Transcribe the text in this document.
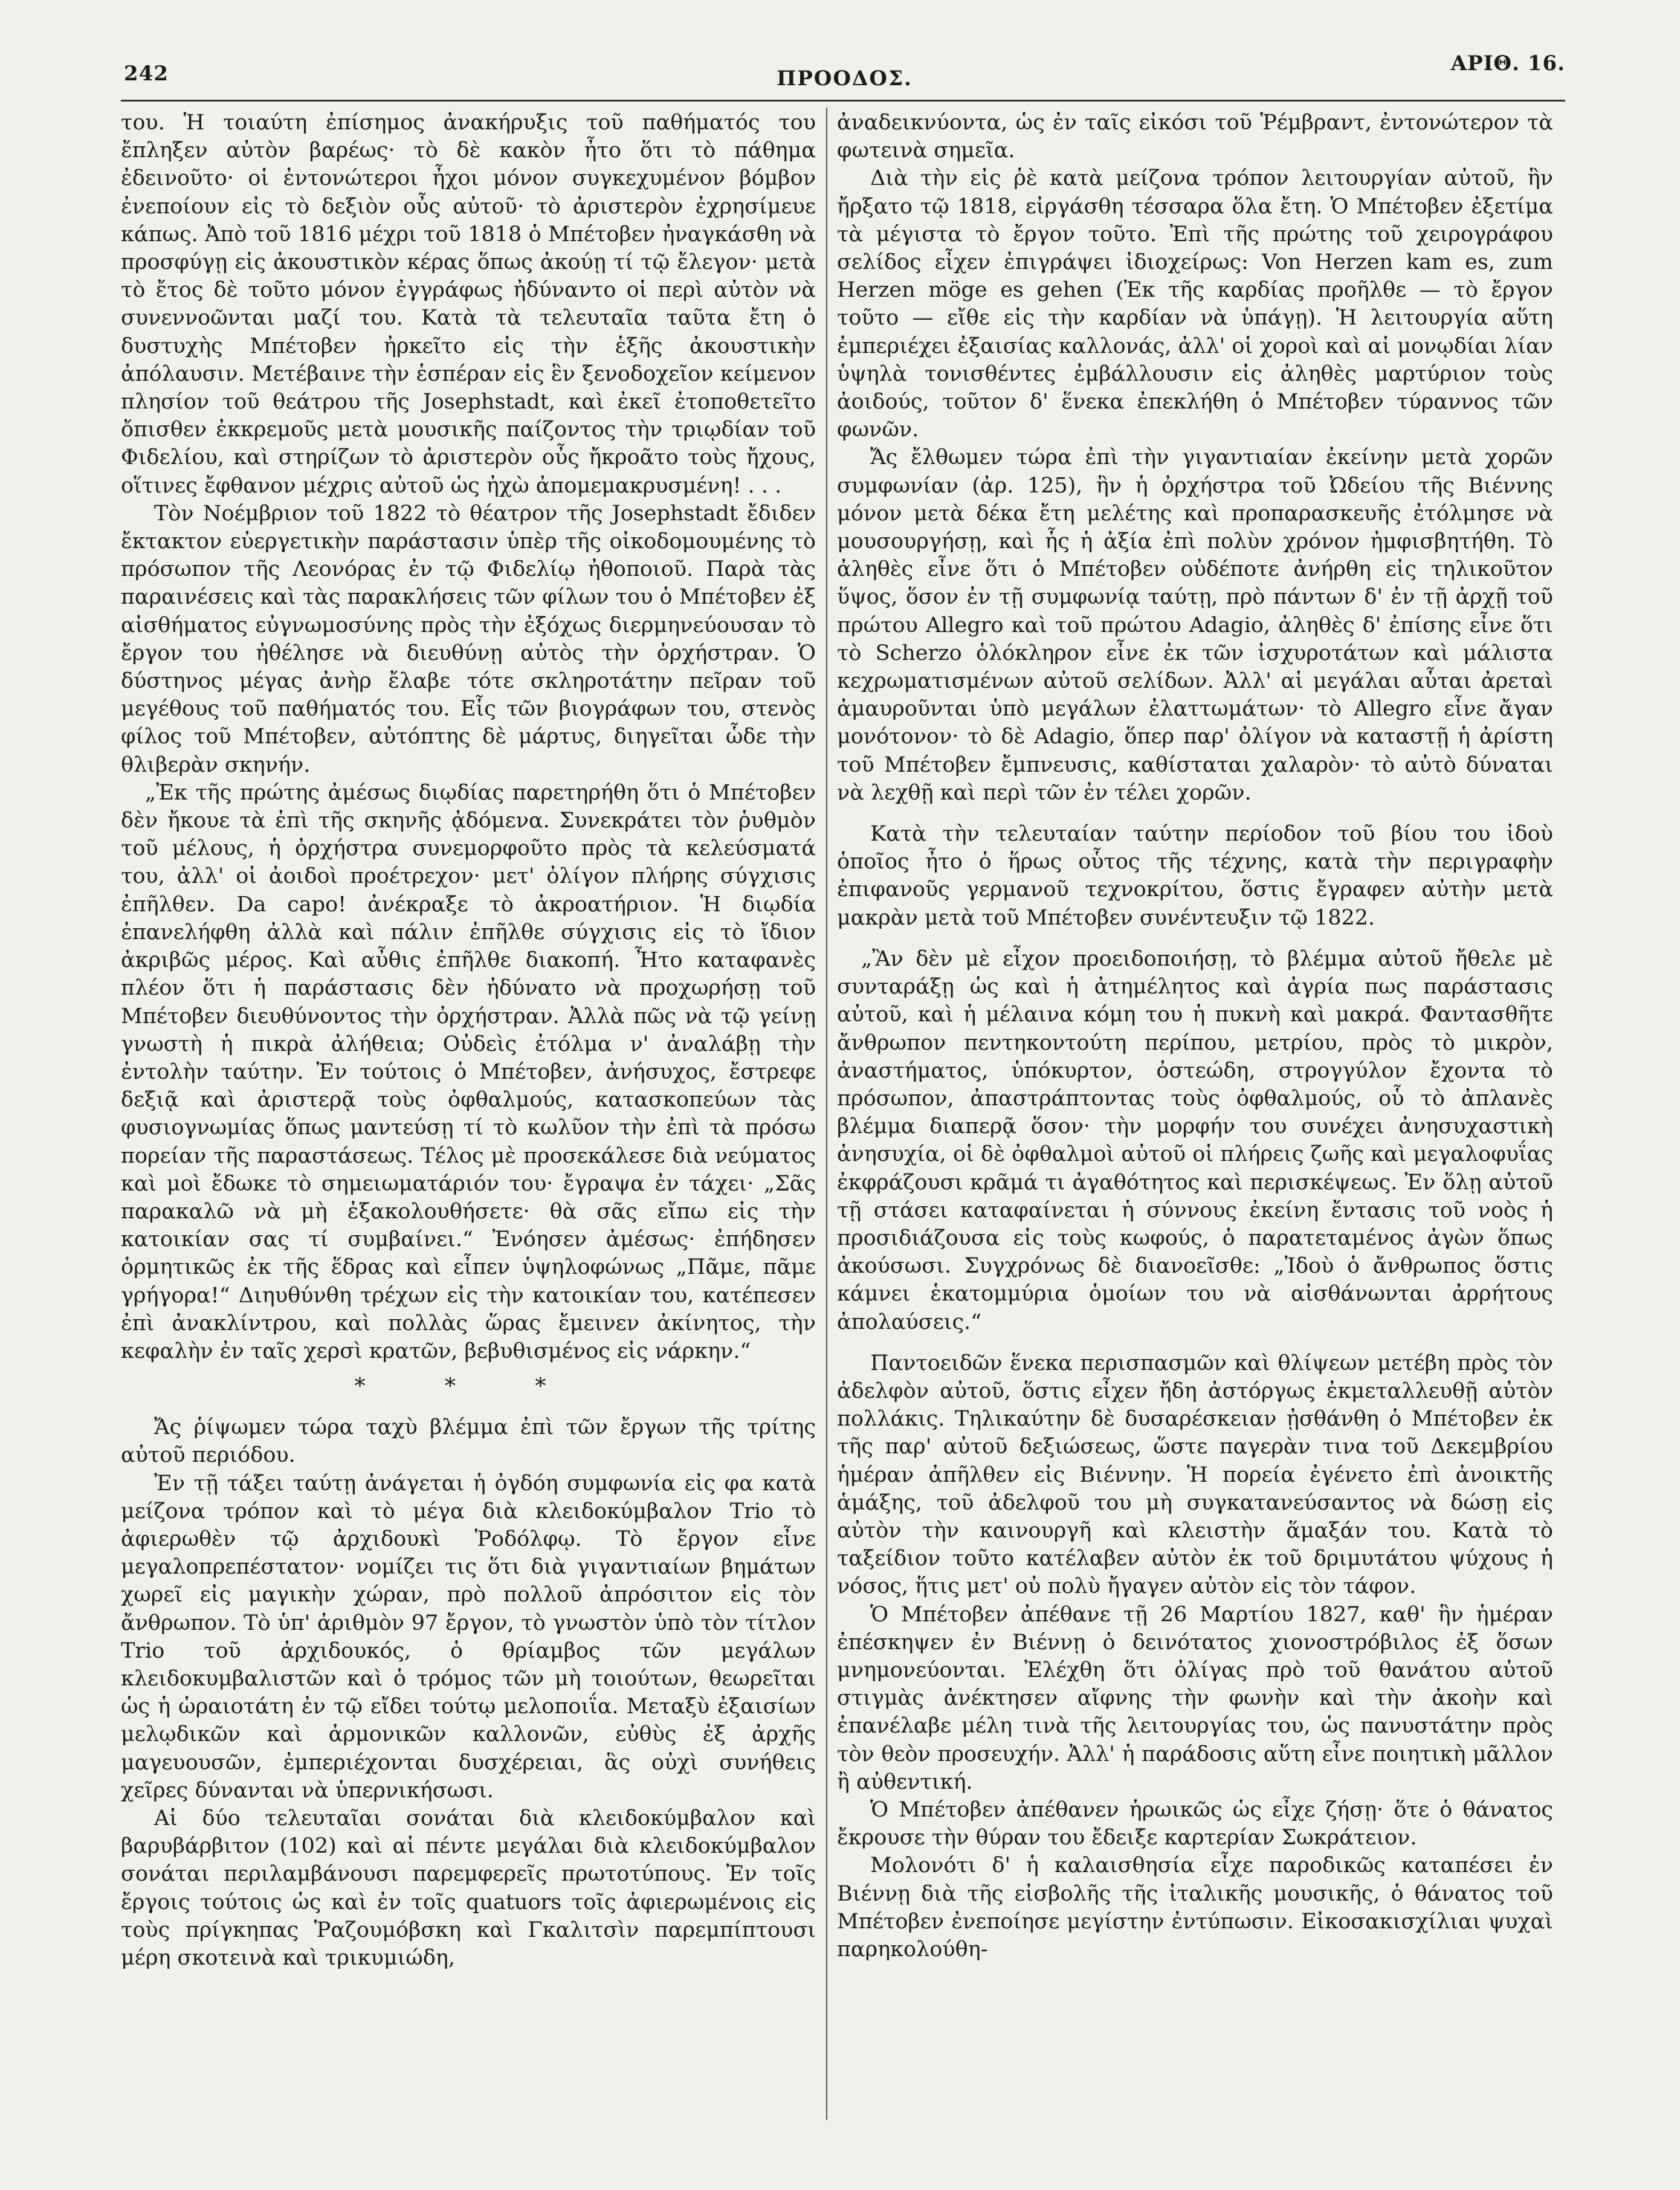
242	ΠΡΟΟΔΟΣ.
ΑΡΙΘ. 16.

του. Ἡ τοιαύτη ἐπίσημος ἀνακήρυξις τοῦ παθήματός του ἔπληξεν αὐτὸν βαρέως· τὸ δὲ κακὸν ἦτο ὅτι τὸ πάθημα ἐδεινοῦτο· οἱ ἐντονώτεροι ἦχοι μόνον συγκεχυμένον βόμβον ἐνεποίουν εἰς τὸ δεξιὸν οὖς αὐτοῦ· τὸ ἀριστερὸν ἐχρησίμευε κάπως. Ἀπὸ τοῦ 1816 μέχρι τοῦ 1818 ὁ Μπέτοβεν ἠναγκάσθη νὰ προσφύγῃ εἰς ἀκουστικὸν κέρας ὅπως ἀκούῃ τί τῷ ἔλεγον· μετὰ τὸ ἔτος δὲ τοῦτο μόνον ἐγγράφως ἠδύναντο οἱ περὶ αὐτὸν νὰ συνεννοῶνται μαζί του. Κατὰ τὰ τελευταῖα ταῦτα ἔτη ὁ δυστυχὴς Μπέτοβεν ἠρκεῖτο εἰς τὴν ἑξῆς ἀκουστικὴν ἀπόλαυσιν. Μετέβαινε τὴν ἑσπέραν εἰς ἓν ξενοδοχεῖον κείμενον πλησίον τοῦ θεάτρου τῆς Josephstadt, καὶ ἐκεῖ ἐτοποθετεῖτο ὄπισθεν ἐκκρεμοῦς μετὰ μουσικῆς παίζοντος τὴν τριῳδίαν τοῦ Φιδελίου, καὶ στηρίζων τὸ ἀριστερὸν οὖς ἤκροᾶτο τοὺς ἤχους, οἵτινες ἔφθανον μέχρις αὐτοῦ ὡς ἠχὼ ἀπομεμακρυσμένη! . . .

Τὸν Νοέμβριον τοῦ 1822 τὸ θέατρον τῆς Josephstadt ἔδιδεν ἔκτακτον εὐεργετικὴν παράστασιν ὑπὲρ τῆς οἰκοδομουμένης τὸ πρόσωπον τῆς Λεονόρας ἐν τῷ Φιδελίῳ ἠθοποιοῦ. Παρὰ τὰς παραινέσεις καὶ τὰς παρακλήσεις τῶν φίλων του ὁ Μπέτοβεν ἐξ αἰσθήματος εὐγνωμοσύνης πρὸς τὴν ἐξόχως διερμηνεύουσαν τὸ ἔργον του ἠθέλησε νὰ διευθύνῃ αὐτὸς τὴν ὀρχήστραν. Ὁ δύστηνος μέγας ἀνὴρ ἔλαβε τότε σκληροτάτην πεῖραν τοῦ μεγέθους τοῦ παθήματός του. Εἷς τῶν βιογράφων του, στενὸς φίλος τοῦ Μπέτοβεν, αὐτόπτης δὲ μάρτυς, διηγεῖται ὧδε τὴν θλιβερὰν σκηνήν.

„Ἐκ τῆς πρώτης ἀμέσως διῳδίας παρετηρήθη ὅτι ὁ Μπέτοβεν δὲν ἤκουε τὰ ἐπὶ τῆς σκηνῆς ᾀδόμενα. Συνεκράτει τὸν ῥυθμὸν τοῦ μέλους, ἡ ὀρχήστρα συνεμορφοῦτο πρὸς τὰ κελεύσματά του, ἀλλ' οἱ ἀοιδοὶ προέτρεχον· μετ' ὀλίγον πλήρης σύγχισις ἐπῆλθεν. Da capo! ἀνέκραξε τὸ ἀκροατήριον. Ἡ διῳδία ἐπανελήφθη ἀλλὰ καὶ πάλιν ἐπῆλθε σύγχισις εἰς τὸ ἴδιον ἀκριβῶς μέρος. Καὶ αὖθις ἐπῆλθε διακοπή. Ἦτο καταφανὲς πλέον ὅτι ἡ παράστασις δὲν ἠδύνατο νὰ προχωρήσῃ τοῦ Μπέτοβεν διευθύνοντος τὴν ὀρχήστραν. Ἀλλὰ πῶς νὰ τῷ γείνῃ γνωστὴ ἡ πικρὰ ἀλήθεια; Οὐδεὶς ἐτόλμα ν' ἀναλάβῃ τὴν ἐντολὴν ταύτην. Ἐν τούτοις ὁ Μπέτοβεν, ἀνήσυχος, ἔστρεφε δεξιᾷ καὶ ἀριστερᾷ τοὺς ὀφθαλμούς, κατασκοπεύων τὰς φυσιογνωμίας ὅπως μαντεύσῃ τί τὸ κωλῦον τὴν ἐπὶ τὰ πρόσω πορείαν τῆς παραστάσεως. Τέλος μὲ προσεκάλεσε διὰ νεύματος καὶ μοὶ ἔδωκε τὸ σημειωματάριόν του· ἔγραψα ἐν τάχει· „Σᾶς παρακαλῶ νὰ μὴ ἐξακολουθήσετε· θὰ σᾶς εἴπω εἰς τὴν κατοικίαν σας τί συμβαίνει.“ Ἐνόησεν ἀμέσως· ἐπήδησεν ὁρμητικῶς ἐκ τῆς ἕδρας καὶ εἶπεν ὑψηλοφώνως „Πᾶμε, πᾶμε γρήγορα!“ Διηυθύνθη τρέχων εἰς τὴν κατοικίαν του, κατέπεσεν ἐπὶ ἀνακλίντρου, καὶ πολλὰς ὥρας ἔμεινεν ἀκίνητος, τὴν κεφαλὴν ἐν ταῖς χερσὶ κρατῶν, βεβυθισμένος εἰς νάρκην.“

* * *

Ἄς ῥίψωμεν τώρα ταχὺ βλέμμα ἐπὶ τῶν ἔργων τῆς τρίτης αὐτοῦ περιόδου.

Ἐν τῇ τάξει ταύτῃ ἀνάγεται ἡ ὀγδόη συμφωνία εἰς φα κατὰ μείζονα τρόπον καὶ τὸ μέγα διὰ κλειδοκύμβαλον Trio τὸ ἀφιερωθὲν τῷ ἀρχιδουκὶ Ῥοδόλφῳ. Τὸ ἔργον εἶνε μεγαλοπρεπέστατον· νομίζει τις ὅτι διὰ γιγαντιαίων βημάτων χωρεῖ εἰς μαγικὴν χώραν, πρὸ πολλοῦ ἀπρόσιτον εἰς τὸν ἄνθρωπον. Τὸ ὑπ' ἀριθμὸν 97 ἔργον, τὸ γνωστὸν ὑπὸ τὸν τίτλον Trio τοῦ ἀρχιδουκός, ὁ θρίαμβος τῶν μεγάλων κλειδοκυμβαλιστῶν καὶ ὁ τρόμος τῶν μὴ τοιούτων, θεωρεῖται ὡς ἡ ὡραιοτάτη ἐν τῷ εἴδει τούτῳ μελοποιΐα. Μεταξὺ ἐξαισίων μελῳδικῶν καὶ ἁρμονικῶν καλλονῶν, εὐθὺς ἐξ ἀρχῆς μαγευουσῶν, ἐμπεριέχονται δυσχέρειαι, ἃς οὐχὶ συνήθεις χεῖρες δύνανται νὰ ὑπερνικήσωσι.

Αἱ δύο τελευταῖαι σονάται διὰ κλειδοκύμβαλον καὶ βαρυβάρβιτον (102) καὶ αἱ πέντε μεγάλαι διὰ κλειδοκύμβαλον σονάται περιλαμβάνουσι παρεμφερεῖς πρωτοτύπους. Ἐν τοῖς ἔργοις τούτοις ὡς καὶ ἐν τοῖς quatuors τοῖς ἀφιερωμένοις εἰς τοὺς πρίγκηπας Ῥαζουμόβσκη καὶ Γκαλιτσὶν παρεμπίπτουσι μέρη σκοτεινὰ καὶ τρικυμιώδη,

ἀναδεικνύοντα, ὡς ἐν ταῖς εἰκόσι τοῦ Ῥέμβραντ, ἐντονώτερον τὰ φωτεινὰ σημεῖα.

Διὰ τὴν εἰς ῥὲ κατὰ μείζονα τρόπον λειτουργίαν αὐτοῦ, ἣν ἤρξατο τῷ 1818, εἰργάσθη τέσσαρα ὅλα ἔτη. Ὁ Μπέτοβεν ἐξετίμα τὰ μέγιστα τὸ ἔργον τοῦτο. Ἐπὶ τῆς πρώτης τοῦ χειρογράφου σελίδος εἶχεν ἐπιγράψει ἰδιοχείρως: Von Herzen kam es, zum Herzen möge es gehen (Ἐκ τῆς καρδίας προῆλθε — τὸ ἔργον τοῦτο — εἴθε εἰς τὴν καρδίαν νὰ ὑπάγῃ). Ἡ λειτουργία αὕτη ἐμπεριέχει ἐξαισίας καλλονάς, ἀλλ' οἱ χοροὶ καὶ αἱ μονῳδίαι λίαν ὑψηλὰ τονισθέντες ἐμβάλλουσιν εἰς ἀληθὲς μαρτύριον τοὺς ἀοιδούς, τοῦτον δ' ἕνεκα ἐπεκλήθη ὁ Μπέτοβεν τύραννος τῶν φωνῶν.

Ἄς ἔλθωμεν τώρα ἐπὶ τὴν γιγαντιαίαν ἐκείνην μετὰ χορῶν συμφωνίαν (ἀρ. 125), ἣν ἡ ὀρχήστρα τοῦ Ὠδείου τῆς Βιέννης μόνον μετὰ δέκα ἔτη μελέτης καὶ προπαρασκευῆς ἐτόλμησε νὰ μουσουργήσῃ, καὶ ἧς ἡ ἀξία ἐπὶ πολὺν χρόνον ἠμφισβητήθη. Τὸ ἀληθὲς εἶνε ὅτι ὁ Μπέτοβεν οὐδέποτε ἀνήρθη εἰς τηλικοῦτον ὕψος, ὅσον ἐν τῇ συμφωνίᾳ ταύτῃ, πρὸ πάντων δ' ἐν τῇ ἀρχῇ τοῦ πρώτου Allegro καὶ τοῦ πρώτου Adagio, ἀληθὲς δ' ἐπίσης εἶνε ὅτι τὸ Scherzo ὁλόκληρον εἶνε ἐκ τῶν ἰσχυροτάτων καὶ μάλιστα κεχρωματισμένων αὐτοῦ σελίδων. Ἀλλ' αἱ μεγάλαι αὗται ἀρεταὶ ἀμαυροῦνται ὑπὸ μεγάλων ἐλαττωμάτων· τὸ Allegro εἶνε ἄγαν μονότονον· τὸ δὲ Adagio, ὅπερ παρ' ὀλίγον νὰ καταστῇ ἡ ἀρίστη τοῦ Μπέτοβεν ἔμπνευσις, καθίσταται χαλαρὸν· τὸ αὐτὸ δύναται νὰ λεχθῇ καὶ περὶ τῶν ἐν τέλει χορῶν.

Κατὰ τὴν τελευταίαν ταύτην περίοδον τοῦ βίου του ἰδοὺ ὁποῖος ἦτο ὁ ἥρως οὗτος τῆς τέχνης, κατὰ τὴν περιγραφὴν ἐπιφανοῦς γερμανοῦ τεχνοκρίτου, ὅστις ἔγραφεν αὐτὴν μετὰ μακρὰν μετὰ τοῦ Μπέτοβεν συνέντευξιν τῷ 1822.

„Ἂν δὲν μὲ εἶχον προειδοποιήσῃ, τὸ βλέμμα αὐτοῦ ἤθελε μὲ συνταράξῃ ὡς καὶ ἡ ἀτημέλητος καὶ ἀγρία πως παράστασις αὐτοῦ, καὶ ἡ μέλαινα κόμη του ἡ πυκνὴ καὶ μακρά. Φαντασθῆτε ἄνθρωπον πεντηκοντούτη περίπου, μετρίου, πρὸς τὸ μικρὸν, ἀναστήματος, ὑπόκυρτον, ὀστεώδη, στρογγύλον ἔχοντα τὸ πρόσωπον, ἀπαστράπτοντας τοὺς ὀφθαλμούς, οὗ τὸ ἀπλανὲς βλέμμα διαπερᾷ ὅσον· τὴν μορφήν του συνέχει ἀνησυχαστικὴ ἀνησυχία, οἱ δὲ ὀφθαλμοὶ αὐτοῦ οἱ πλήρεις ζωῆς καὶ μεγαλοφυΐας ἐκφράζουσι κρᾶμά τι ἀγαθότητος καὶ περισκέψεως. Ἐν ὅλῃ αὐτοῦ τῇ στάσει καταφαίνεται ἡ σύννους ἐκείνη ἔντασις τοῦ νοὸς ἡ προσιδιάζουσα εἰς τοὺς κωφούς, ὁ παρατεταμένος ἀγὼν ὅπως ἀκούσωσι. Συγχρόνως δὲ διανοεῖσθε: „Ἰδοὺ ὁ ἄνθρωπος ὅστις κάμνει ἑκατομμύρια ὁμοίων του νὰ αἰσθάνωνται ἀρρήτους ἀπολαύσεις.“

Παντοειδῶν ἕνεκα περισπασμῶν καὶ θλίψεων μετέβη πρὸς τὸν ἀδελφὸν αὐτοῦ, ὅστις εἶχεν ἤδη ἀστόργως ἐκμεταλλευθῇ αὐτὸν πολλάκις. Τηλικαύτην δὲ δυσαρέσκειαν ᾐσθάνθη ὁ Μπέτοβεν ἐκ τῆς παρ' αὐτοῦ δεξιώσεως, ὥστε παγερὰν τινα τοῦ Δεκεμβρίου ἡμέραν ἀπῆλθεν εἰς Βιέννην. Ἡ πορεία ἐγένετο ἐπὶ ἀνοικτῆς ἁμάξης, τοῦ ἀδελφοῦ του μὴ συγκατανεύσαντος νὰ δώσῃ εἰς αὐτὸν τὴν καινουργῆ καὶ κλειστὴν ἅμαξάν του. Κατὰ τὸ ταξείδιον τοῦτο κατέλαβεν αὐτὸν ἐκ τοῦ δριμυτάτου ψύχους ἡ νόσος, ἥτις μετ' οὐ πολὺ ἤγαγεν αὐτὸν εἰς τὸν τάφον.

Ὁ Μπέτοβεν ἀπέθανε τῇ 26 Μαρτίου 1827, καθ' ἣν ἡμέραν ἐπέσκηψεν ἐν Βιέννῃ ὁ δεινότατος χιονοστρόβιλος ἐξ ὅσων μνημονεύονται. Ἐλέχθη ὅτι ὀλίγας πρὸ τοῦ θανάτου αὐτοῦ στιγμὰς ἀνέκτησεν αἴφνης τὴν φωνὴν καὶ τὴν ἀκοὴν καὶ ἐπανέλαβε μέλη τινὰ τῆς λειτουργίας του, ὡς πανυστάτην πρὸς τὸν θεὸν προσευχήν. Ἀλλ' ἡ παράδοσις αὕτη εἶνε ποιητικὴ μᾶλλον ἢ αὐθεντική.

Ὁ Μπέτοβεν ἀπέθανεν ἡρωικῶς ὡς εἶχε ζήσῃ· ὅτε ὁ θάνατος ἔκρουσε τὴν θύραν του ἔδειξε καρτερίαν Σωκράτειον.

Μολονότι δ' ἡ καλαισθησία εἶχε παροδικῶς καταπέσει ἐν Βιέννῃ διὰ τῆς εἰσβολῆς τῆς ἰταλικῆς μουσικῆς, ὁ θάνατος τοῦ Μπέτοβεν ἐνεποίησε μεγίστην ἐντύπωσιν. Εἰκοσακισχίλιαι ψυχαὶ παρηκολούθη-
